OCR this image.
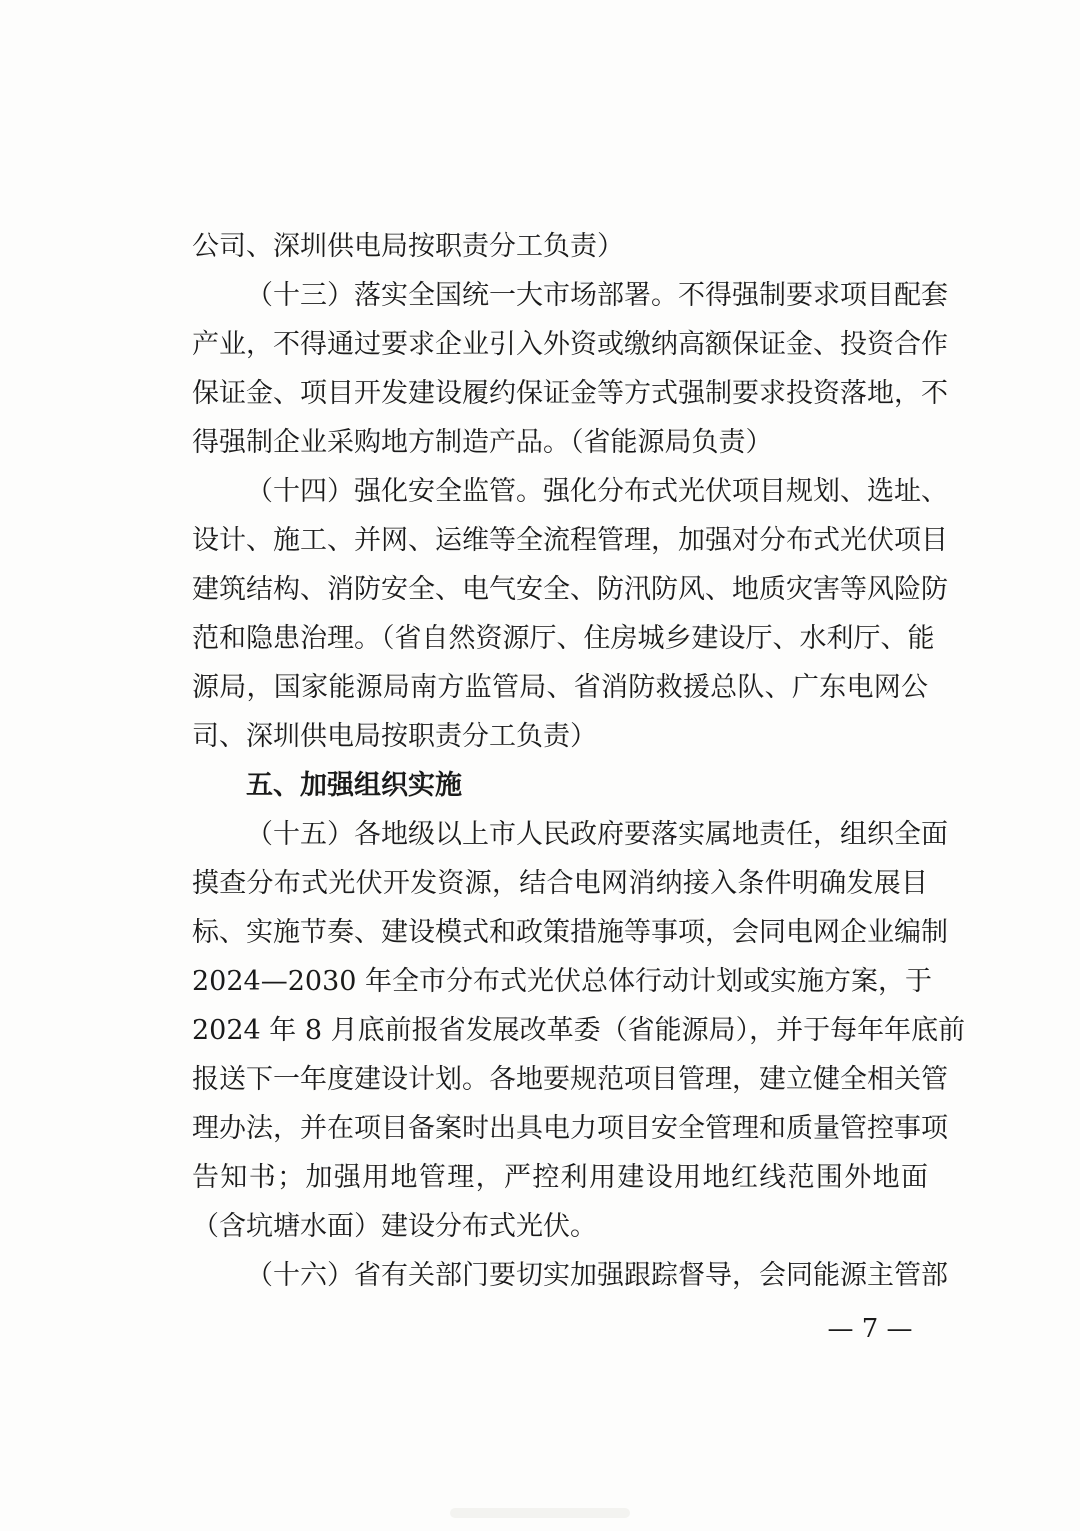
公司、深圳供电局按职责分工负责）
（十三）落实全国统一大市场部署。不得强制要求项目配套
产业，不得通过要求企业引入外资或缴纳高额保证金、投资合作
保证金、项目开发建设履约保证金等方式强制要求投资落地，不
得强制企业采购地方制造产品。（省能源局负责）
（十四）强化安全监管。强化分布式光伏项目规划、选址、
设计、施工、并网、运维等全流程管理，加强对分布式光伏项目
建筑结构、消防安全、电气安全、防汛防风、地质灾害等风险防
范和隐患治理。（省自然资源厅、住房城乡建设厅、水利厅、能
源局，国家能源局南方监管局、省消防救援总队、广东电网公
司、深圳供电局按职责分工负责）
五、加强组织实施
（十五）各地级以上市人民政府要落实属地责任，组织全面
摸查分布式光伏开发资源，结合电网消纳接入条件明确发展目
标、实施节奏、建设模式和政策措施等事项，会同电网企业编制
2024—2030 年全市分布式光伏总体行动计划或实施方案，于
2024 年 8 月底前报省发展改革委（省能源局），并于每年年底前
报送下一年度建设计划。各地要规范项目管理，建立健全相关管
理办法，并在项目备案时出具电力项目安全管理和质量管控事项
告知书；加强用地管理，严控利用建设用地红线范围外地面
（含坑塘水面）建设分布式光伏。
（十六）省有关部门要切实加强跟踪督导，会同能源主管部
— 7 —
